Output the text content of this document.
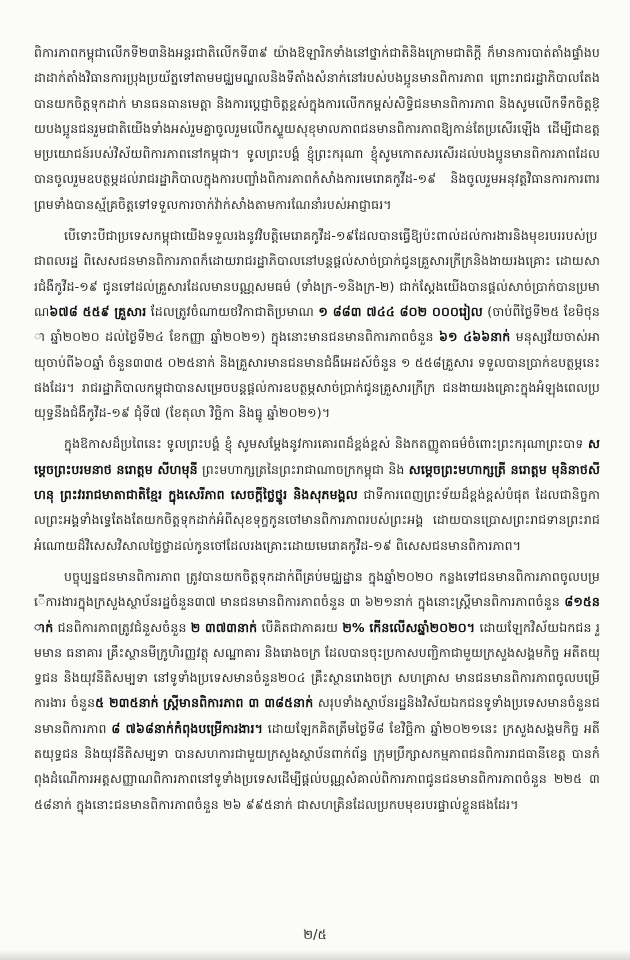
ពិការភាពកម្ពុជាលើកទី២៣និងអន្តរជាតិលើកទី៣៩ យ៉ាងឱឡារិកទាំងនៅថ្នាក់ជាតិនិងក្រោមជាតិក្ដី ក៏មានការបាត់តាំងផ្ទាំងបដាដាក់តាំងវិធានការប្រុងប្រយ័ត្នទៅតាមមជ្ឈមណ្ឌលនិងទីតាំងសំនាក់នៅរបស់បងប្អូនមានពិការភាព ព្រោះរាជរដ្ឋាភិបាលតែងបានយកចិត្តទុកដាក់ មានធនធានមេត្តា និងការប្ដេជ្ញាចិត្តខ្ពស់ក្នុងការលើកកម្ពស់សិទ្ធិជនមានពិការភាព និងសូមលើកទឹកចិត្តឱ្យបងប្អូនជនរួមជាតិយើងទាំងអស់រួមគ្នាចូលរួមលើកស្ទួយសុខុមាលភាពជនមានពិការភាពឱ្យកាន់តែប្រសើរឡើង ដើម្បីជាឧត្តមប្រយោជន៍របស់វិស័យពិការភាពនៅកម្ពុជា។ ទូលព្រះបង្គំ ខ្ញុំព្រះករុណា ខ្ញុំសូមកោតសរសើរដល់បងប្អូនមានពិការភាពដែលបានចូលរួមឧបត្ថម្ភដល់រាជរដ្ឋាភិបាលក្នុងការបញ្ចាំងពិការភាពកំសាំងការមេរោគកូវីដ-១៩ និងចូលរួមអនុវត្តវិធានការការពារ ព្រមទាំងបានស្ម័គ្រចិត្តទៅទទួលការចាក់វ៉ាក់សាំងតាមការណែនាំរបស់អាជ្ញាធរ។

បើទោះបីជាប្រទេសកម្ពុជាយើងទទួលរងនូវវិបត្តិមេរោគកូវីដ-១៩ដែលបានធ្វើឱ្យប៉ះពាល់ដល់ការងារនិងមុខរបររបស់ប្រជាពលរដ្ឋ ពិសេសជនមានពិការភាពក៏ដោយរាជរដ្ឋាភិបាលនៅបន្តផ្ដល់សាច់ប្រាក់ជូនគ្រួសារក្រីក្រនិងងាយរងគ្រោះ ដោយសារជំងឺកូវីដ-១៩ ជូនទៅដល់គ្រួសារដែលមានបណ្ណសមធម៌ (ទាំងក្រ-១និងក្រ-២) ជាក់ស្ដែងយើងបានផ្ដល់សាច់ប្រាក់បានប្រមាណ៦៧៨ ៥៥៩ គ្រួសារ ដែលត្រូវចំណាយថវិកាជាតិប្រមាណ ១ ៨៨៣ ៧៤៤ ៨០២ ០០០រៀល (ចាប់ពីថ្ងៃទី២៥ ខែមិថុនា ឆ្នាំ២០២០ ដល់ថ្ងៃទី២៤ ខែកញ្ញា ឆ្នាំ២០២១) ក្នុងនោះមានជនមានពិការភាពចំនួន ៦១ ៤៦៦នាក់ មនុស្សវ័យចាស់អាយុចាប់ពី៦០ឆ្នាំ ចំនួន៣៣៥ ០២៥នាក់ និងគ្រួសារមានជនមានជំងឺអេដស៍ចំនួន ១ ៥៥៨គ្រួសារ ទទួលបានប្រាក់ឧបត្ថម្ភនេះផងដែរ។ រាជរដ្ឋាភិបាលកម្ពុជាបានសម្រេចបន្តផ្ដល់ការឧបត្ថម្ភសាច់ប្រាក់ជូនគ្រួសារក្រីក្រ ជនងាយរងគ្រោះក្នុងអំឡុងពេលប្រយុទ្ធនឹងជំងឺកូវីដ-១៩ ជុំទី៧ (ខែតុលា វិច្ឆិកា និងធ្នូ ឆ្នាំ២០២១)។

ក្នុងឱកាសដ៏ប្រពៃនេះ ទូលព្រះបង្គំ ខ្ញុំ សូមសម្ដែងនូវការគោរពដ៏ខ្ពង់ខ្ពស់ និងកតញ្ញូតាធម៌ចំពោះព្រះករុណាព្រះបាទ សម្ដេចព្រះបរមនាថ នរោត្ដម សីហមុនី ព្រះមហាក្សត្រនៃព្រះរាជាណាចក្រកម្ពុជា និង សម្ដេចព្រះមហាក្សត្រី នរោត្ដម មុនិនាថសីហនុ ព្រះវររាជមាតាជាតិខ្មែរ ក្នុងសេរីភាព សេចក្ដីថ្លៃថ្នូរ និងសុភមង្គល ជាទីការពេញព្រះទ័យដ៏ខ្ពង់ខ្ពស់បំផុត ដែលជានិច្ចកាលព្រះអង្គទាំងទ្វេតែងតែយកចិត្តទុកដាក់អំពីសុខទុក្ខកូនចៅមានពិការភាពរបស់ព្រះអង្គ ដោយបានប្រោសព្រះរាជទានព្រះរាជអំណោយដ៏វិសេសវិសាលថ្លៃថ្លាដល់កូនចៅដែលរងគ្រោះដោយមេរោគកូវីដ-១៩ ពិសេសជនមានពិការភាព។

បច្ចុប្បន្នជនមានពិការភាព ត្រូវបានយកចិត្តទុកដាក់ពីគ្រប់មជ្ឈដ្ឋាន ក្នុងឆ្នាំ២០២០ កន្លងទៅជនមានពិការភាពចូលបម្រើការងារក្នុងក្រសួងស្ថាប័នរដ្ឋចំនួន៣៧ មានជនមានពិការភាពចំនួន ៣ ៦២១នាក់ ក្នុងនោះស្ត្រីមានពិការភាពចំនួន ៨១៥នាក់ ជនពិការភាពត្រូវជំនួសចំនួន ២ ៣៧៣នាក់ បើគិតជាភាគរយ ២% កើនលើសឆ្នាំ២០២០។ ដោយឡែកវិស័យឯកជន រួមមាន ធនាគារ គ្រឹះស្ថានមីក្រូហិរញ្ញវត្ថុ សណ្ឋាគារ និងរោងចក្រ ដែលបានចុះប្រកាសបញ្ជិកាជាមួយក្រសួងសង្គមកិច្ច អតីតយុទ្ធជន និងយុវនីតិសម្បទា នៅទូទាំងប្រទេសមានចំនួន២០៤ គ្រឹះស្ថានរោងចក្រ សហគ្រាស មានជនមានពិការភាពចូលបម្រើការងារ ចំនួន៥ ២៣៥នាក់ ស្ត្រីមានពិការភាព ៣ ៣៨៥នាក់ សរុបទាំងស្ថាប័នរដ្ឋនិងវិស័យឯកជនទូទាំងប្រទេសមានចំនួនជនមានពិការភាព ៨ ៧៦៨នាក់កំពុងបម្រើការងារ។ ដោយឡែកគិតត្រឹមថ្ងៃទី៨ ខែវិច្ឆិកា ឆ្នាំ២០២១នេះ ក្រសួងសង្គមកិច្ច អតីតយុទ្ធជន និងយុវនីតិសម្បទា បានសហការជាមួយក្រសួងស្ថាប័នពាក់ព័ន្ធ ក្រុមប្រឹក្សាសកម្មភាពជនពិការរាជធានីខេត្ត បានកំពុងដំណើការអត្តសញ្ញាណពិការភាពនៅទូទាំងប្រទេសដើម្បីផ្ដល់បណ្ណសំគាល់ពិការភាពជូនជនមានពិការភាពចំនួន ២២៥ ៣៥៨នាក់ ក្នុងនោះជនមានពិការភាពចំនួន ២៦ ៩៩៥នាក់ ជាសហគ្រិនដែលប្រកបមុខរបរផ្ទាល់ខ្លួនផងដែរ។

២/៥
